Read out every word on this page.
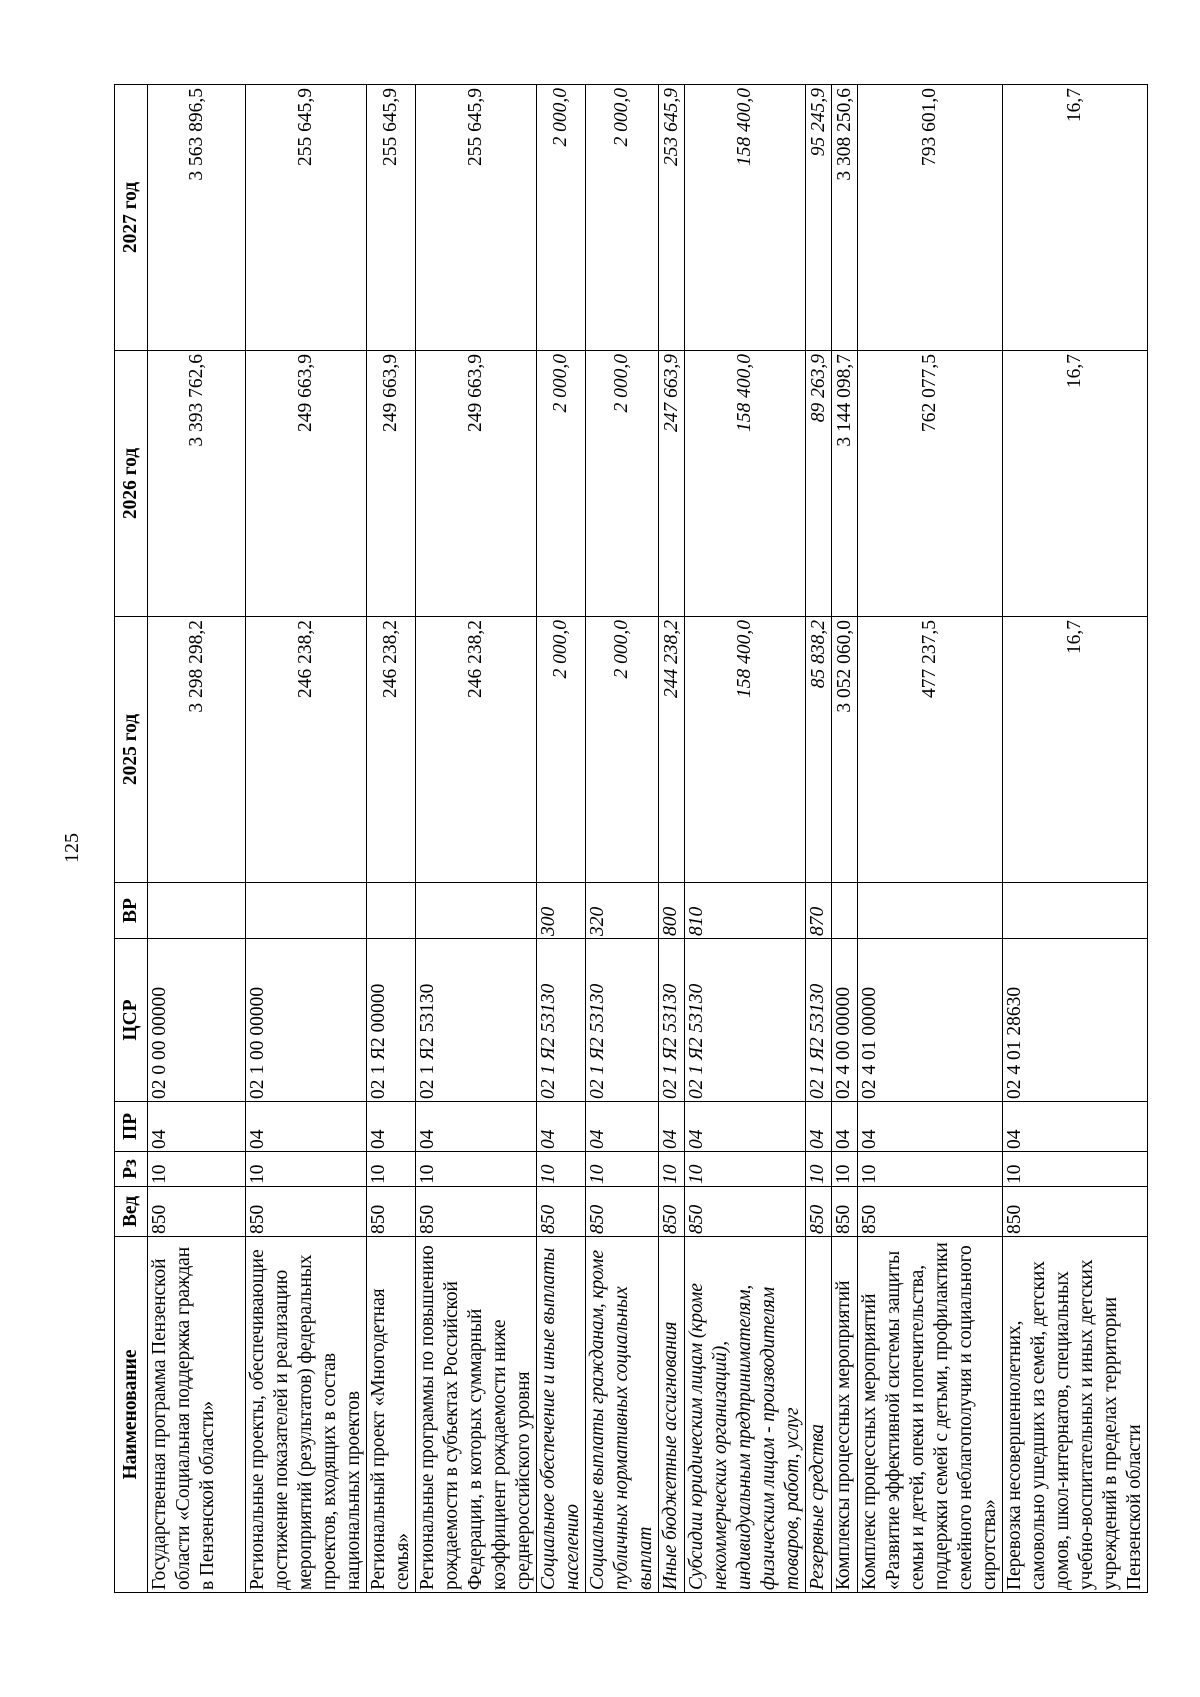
125
Наименование	Вед	Рз	ПР	ЦСР	ВР	2025 год	2026 год	2027 год
Государственная программа Пензенской области «Социальная поддержка граждан в Пензенской области»	850	10	04	02 0 00 00000		3 298 298,2	3 393 762,6	3 563 896,5
Региональные проекты, обеспечивающие достижение показателей и реализацию мероприятий (результатов) федеральных проектов, входящих в состав национальных проектов	850	10	04	02 1 00 00000		246 238,2	249 663,9	255 645,9
Региональный проект «Многодетная семья»	850	10	04	02 1 Я2 00000		246 238,2	249 663,9	255 645,9
Региональные программы по повышению рождаемости в субъектах Российской Федерации, в которых суммарный коэффициент рождаемости ниже среднероссийского уровня	850	10	04	02 1 Я2 53130		246 238,2	249 663,9	255 645,9
Социальное обеспечение и иные выплаты населению	850	10	04	02 1 Я2 53130	300	2 000,0	2 000,0	2 000,0
Социальные выплаты гражданам, кроме публичных нормативных социальных выплат	850	10	04	02 1 Я2 53130	320	2 000,0	2 000,0	2 000,0
Иные бюджетные ассигнования	850	10	04	02 1 Я2 53130	800	244 238,2	247 663,9	253 645,9
Субсидии юридическим лицам (кроме некоммерческих организаций), индивидуальным предпринимателям, физическим лицам - производителям товаров, работ, услуг	850	10	04	02 1 Я2 53130	810	158 400,0	158 400,0	158 400,0
Резервные средства	850	10	04	02 1 Я2 53130	870	85 838,2	89 263,9	95 245,9
Комплексы процессных мероприятий	850	10	04	02 4 00 00000		3 052 060,0	3 144 098,7	3 308 250,6
Комплекс процессных мероприятий «Развитие эффективной системы защиты семьи и детей, опеки и попечительства, поддержки семей с детьми, профилактики семейного неблагополучия и социального сиротства»	850	10	04	02 4 01 00000		477 237,5	762 077,5	793 601,0
Перевозка несовершеннолетних, самовольно ушедших из семей, детских домов, школ-интернатов, специальных учебно-воспитательных и иных детских учреждений в пределах территории Пензенской области	850	10	04	02 4 01 28630		16,7	16,7	16,7
